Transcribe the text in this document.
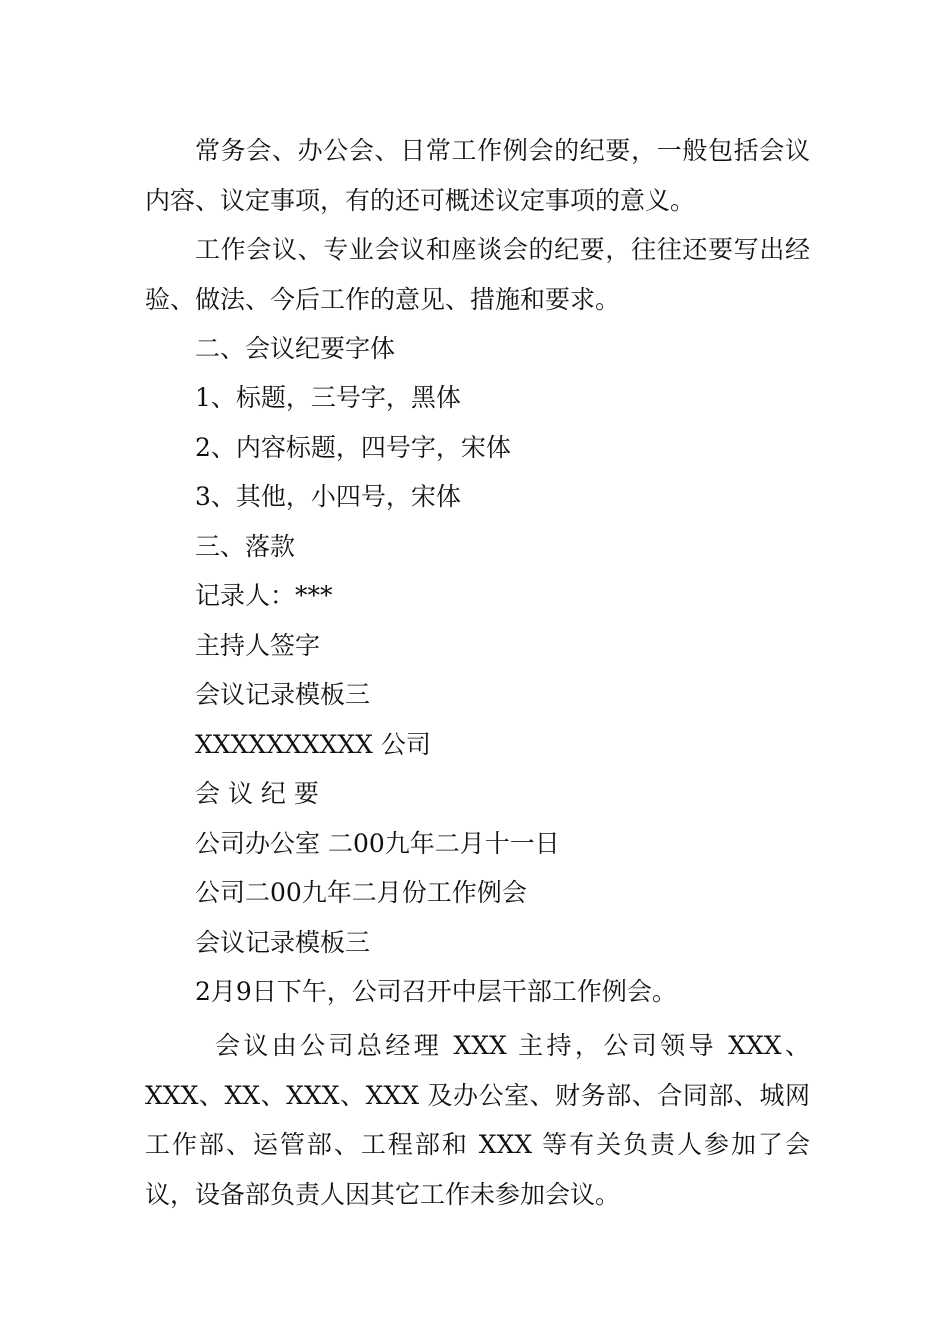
常务会、办公会、日常工作例会的纪要，一般包括会议内容、议定事项，有的还可概述议定事项的意义。
工作会议、专业会议和座谈会的纪要，往往还要写出经验、做法、今后工作的意见、措施和要求。
二、会议纪要字体
1、标题，三号字，黑体
2、内容标题，四号字，宋体
3、其他，小四号，宋体
三、落款
记录人：***
主持人签字
会议记录模板三
XXXXXXXXXX 公司
会 议 纪 要
公司办公室 二00九年二月十一日
公司二00九年二月份工作例会
会议记录模板三
2月9日下午，公司召开中层干部工作例会。
会议由公司总经理 XXX 主持，公司领导 XXX、XXX、XX、XXX、XXX 及办公室、财务部、合同部、城网工作部、运管部、工程部和 XXX 等有关负责人参加了会议，设备部负责人因其它工作未参加会议。
